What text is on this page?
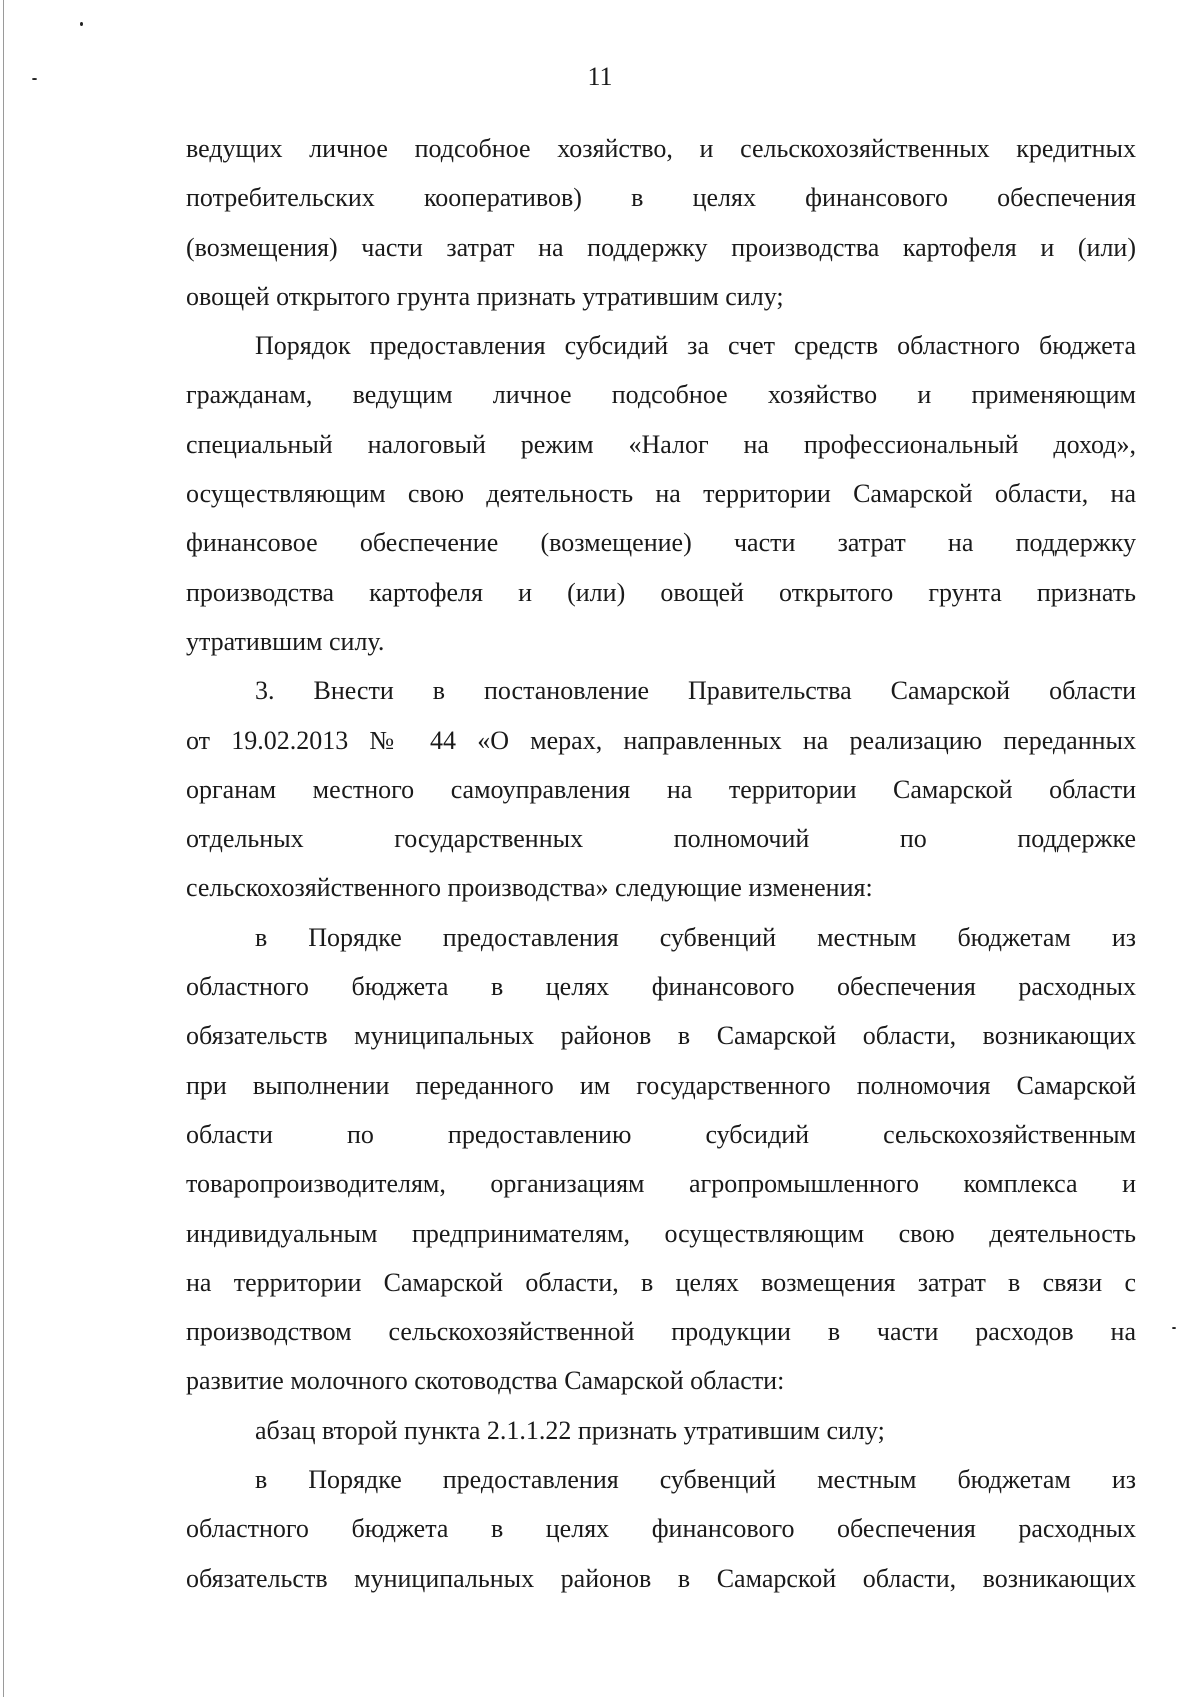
11
ведущих личное подсобное хозяйство, и сельскохозяйственных кредитных
потребительских кооперативов) в целях финансового обеспечения
(возмещения) части затрат на поддержку производства картофеля и (или)
овощей открытого грунта признать утратившим силу;
Порядок предоставления субсидий за счет средств областного бюджета
гражданам, ведущим личное подсобное хозяйство и применяющим
специальный налоговый режим «Налог на профессиональный доход»,
осуществляющим свою деятельность на территории Самарской области, на
финансовое обеспечение (возмещение) части затрат на поддержку
производства картофеля и (или) овощей открытого грунта признать
утратившим силу.
3. Внести в постановление Правительства Самарской области
от 19.02.2013 № 44 «О мерах, направленных на реализацию переданных
органам местного самоуправления на территории Самарской области
отдельных государственных полномочий по поддержке
сельскохозяйственного производства» следующие изменения:
в Порядке предоставления субвенций местным бюджетам из
областного бюджета в целях финансового обеспечения расходных
обязательств муниципальных районов в Самарской области, возникающих
при выполнении переданного им государственного полномочия Самарской
области по предоставлению субсидий сельскохозяйственным
товаропроизводителям, организациям агропромышленного комплекса и
индивидуальным предпринимателям, осуществляющим свою деятельность
на территории Самарской области, в целях возмещения затрат в связи с
производством сельскохозяйственной продукции в части расходов на
развитие молочного скотоводства Самарской области:
абзац второй пункта 2.1.1.22 признать утратившим силу;
в Порядке предоставления субвенций местным бюджетам из
областного бюджета в целях финансового обеспечения расходных
обязательств муниципальных районов в Самарской области, возникающих
